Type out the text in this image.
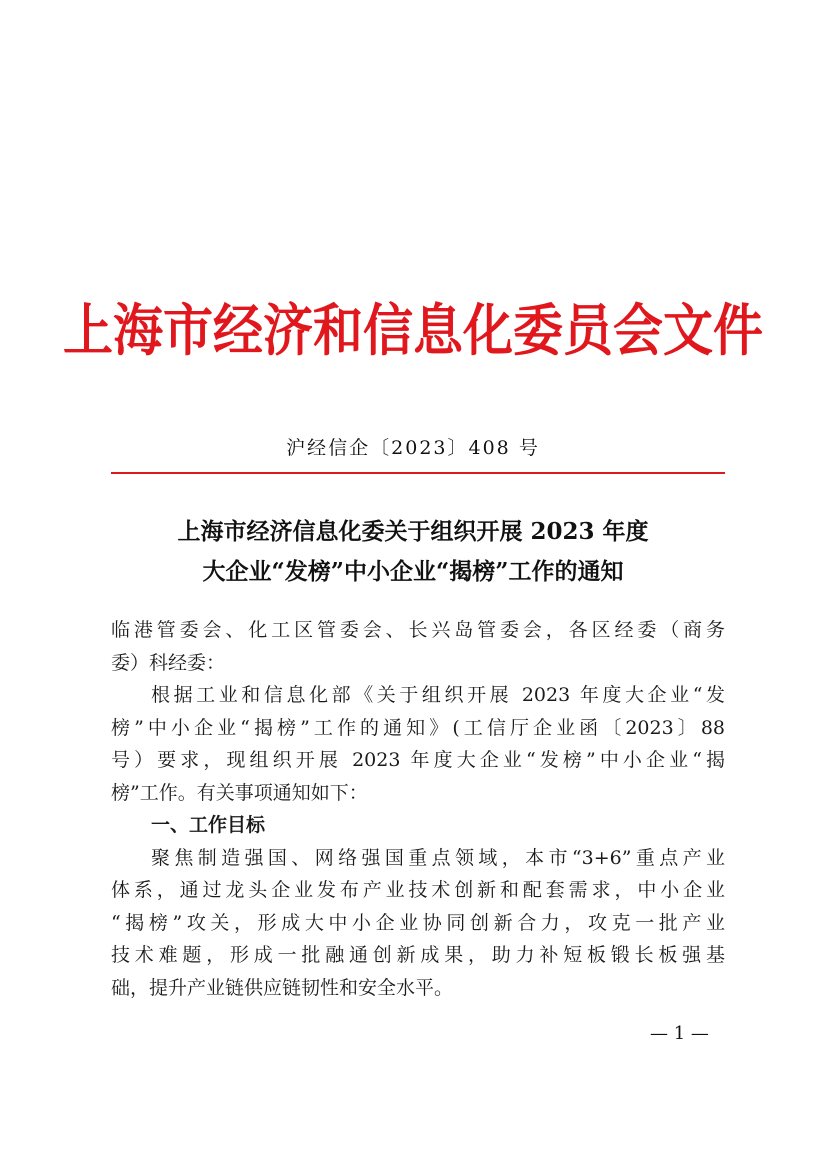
上海市经济和信息化委员会文件
沪经信企〔2023〕408 号
上海市经济信息化委关于组织开展 2023 年度
大企业“发榜”中小企业“揭榜”工作的通知
临港管委会、化工区管委会、长兴岛管委会，各区经委（商务
委）科经委：
根据工业和信息化部《关于组织开展 2023 年度大企业“发
榜”中小企业“揭榜”工作的通知》(工信厅企业函〔2023〕88
号）要求，现组织开展 2023 年度大企业“发榜”中小企业“揭
榜”工作。有关事项通知如下：
一、工作目标
聚焦制造强国、网络强国重点领域，本市“3+6”重点产业
体系，通过龙头企业发布产业技术创新和配套需求，中小企业
“揭榜”攻关，形成大中小企业协同创新合力，攻克一批产业
技术难题，形成一批融通创新成果，助力补短板锻长板强基
础，提升产业链供应链韧性和安全水平。
— 1 —
